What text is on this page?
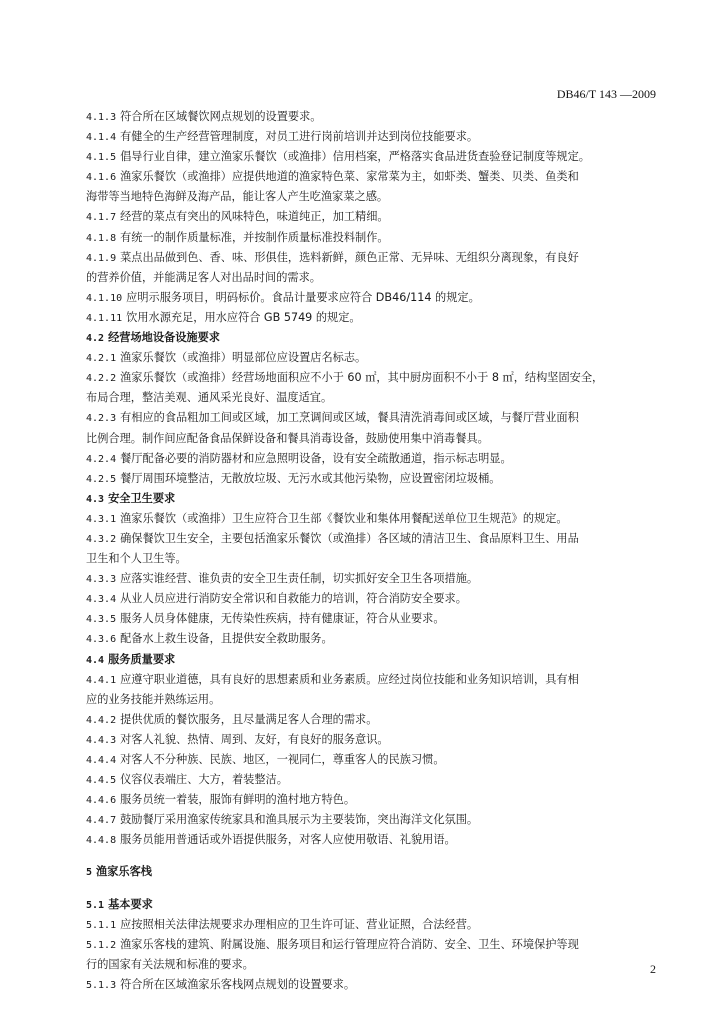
DB46/T 143 —2009
4.1.3 符合所在区域餐饮网点规划的设置要求。
4.1.4 有健全的生产经营管理制度，对员工进行岗前培训并达到岗位技能要求。
4.1.5 倡导行业自律，建立渔家乐餐饮（或渔排）信用档案，严格落实食品进货查验登记制度等规定。
4.1.6 渔家乐餐饮（或渔排）应提供地道的渔家特色菜、家常菜为主，如虾类、蟹类、贝类、鱼类和
海带等当地特色海鲜及海产品，能让客人产生吃渔家菜之感。
4.1.7 经营的菜点有突出的风味特色，味道纯正，加工精细。
4.1.8 有统一的制作质量标准，并按制作质量标准投料制作。
4.1.9 菜点出品做到色、香、味、形俱佳，选料新鲜，颜色正常、无异味、无组织分离现象，有良好
的营养价值，并能满足客人对出品时间的需求。
4.1.10 应明示服务项目，明码标价。食品计量要求应符合 DB46/114 的规定。
4.1.11 饮用水源充足，用水应符合 GB 5749 的规定。
4.2 经营场地设备设施要求
4.2.1 渔家乐餐饮（或渔排）明显部位应设置店名标志。
4.2.2 渔家乐餐饮（或渔排）经营场地面积应不小于 60 ㎡，其中厨房面积不小于 8 ㎡，结构坚固安全，
布局合理，整洁美观、通风采光良好、温度适宜。
4.2.3 有相应的食品粗加工间或区域，加工烹调间或区域，餐具清洗消毒间或区域，与餐厅营业面积
比例合理。制作间应配备食品保鲜设备和餐具消毒设备，鼓励使用集中消毒餐具。
4.2.4 餐厅配备必要的消防器材和应急照明设备，设有安全疏散通道，指示标志明显。
4.2.5 餐厅周围环境整洁，无散放垃圾、无污水或其他污染物，应设置密闭垃圾桶。
4.3 安全卫生要求
4.3.1 渔家乐餐饮（或渔排）卫生应符合卫生部《餐饮业和集体用餐配送单位卫生规范》的规定。
4.3.2 确保餐饮卫生安全，主要包括渔家乐餐饮（或渔排）各区域的清洁卫生、食品原料卫生、用品
卫生和个人卫生等。
4.3.3 应落实谁经营、谁负责的安全卫生责任制，切实抓好安全卫生各项措施。
4.3.4 从业人员应进行消防安全常识和自救能力的培训，符合消防安全要求。
4.3.5 服务人员身体健康，无传染性疾病，持有健康证，符合从业要求。
4.3.6 配备水上救生设备，且提供安全救助服务。
4.4 服务质量要求
4.4.1 应遵守职业道德，具有良好的思想素质和业务素质。应经过岗位技能和业务知识培训，具有相
应的业务技能并熟练运用。
4.4.2 提供优质的餐饮服务，且尽量满足客人合理的需求。
4.4.3 对客人礼貌、热情、周到、友好，有良好的服务意识。
4.4.4 对客人不分种族、民族、地区，一视同仁，尊重客人的民族习惯。
4.4.5 仪容仪表端庄、大方，着装整洁。
4.4.6 服务员统一着装，服饰有鲜明的渔村地方特色。
4.4.7 鼓励餐厅采用渔家传统家具和渔具展示为主要装饰，突出海洋文化氛围。
4.4.8 服务员能用普通话或外语提供服务，对客人应使用敬语、礼貌用语。
5 渔家乐客栈
5.1 基本要求
5.1.1 应按照相关法律法规要求办理相应的卫生许可证、营业证照，合法经营。
5.1.2 渔家乐客栈的建筑、附属设施、服务项目和运行管理应符合消防、安全、卫生、环境保护等现
行的国家有关法规和标准的要求。
5.1.3 符合所在区域渔家乐客栈网点规划的设置要求。
2
